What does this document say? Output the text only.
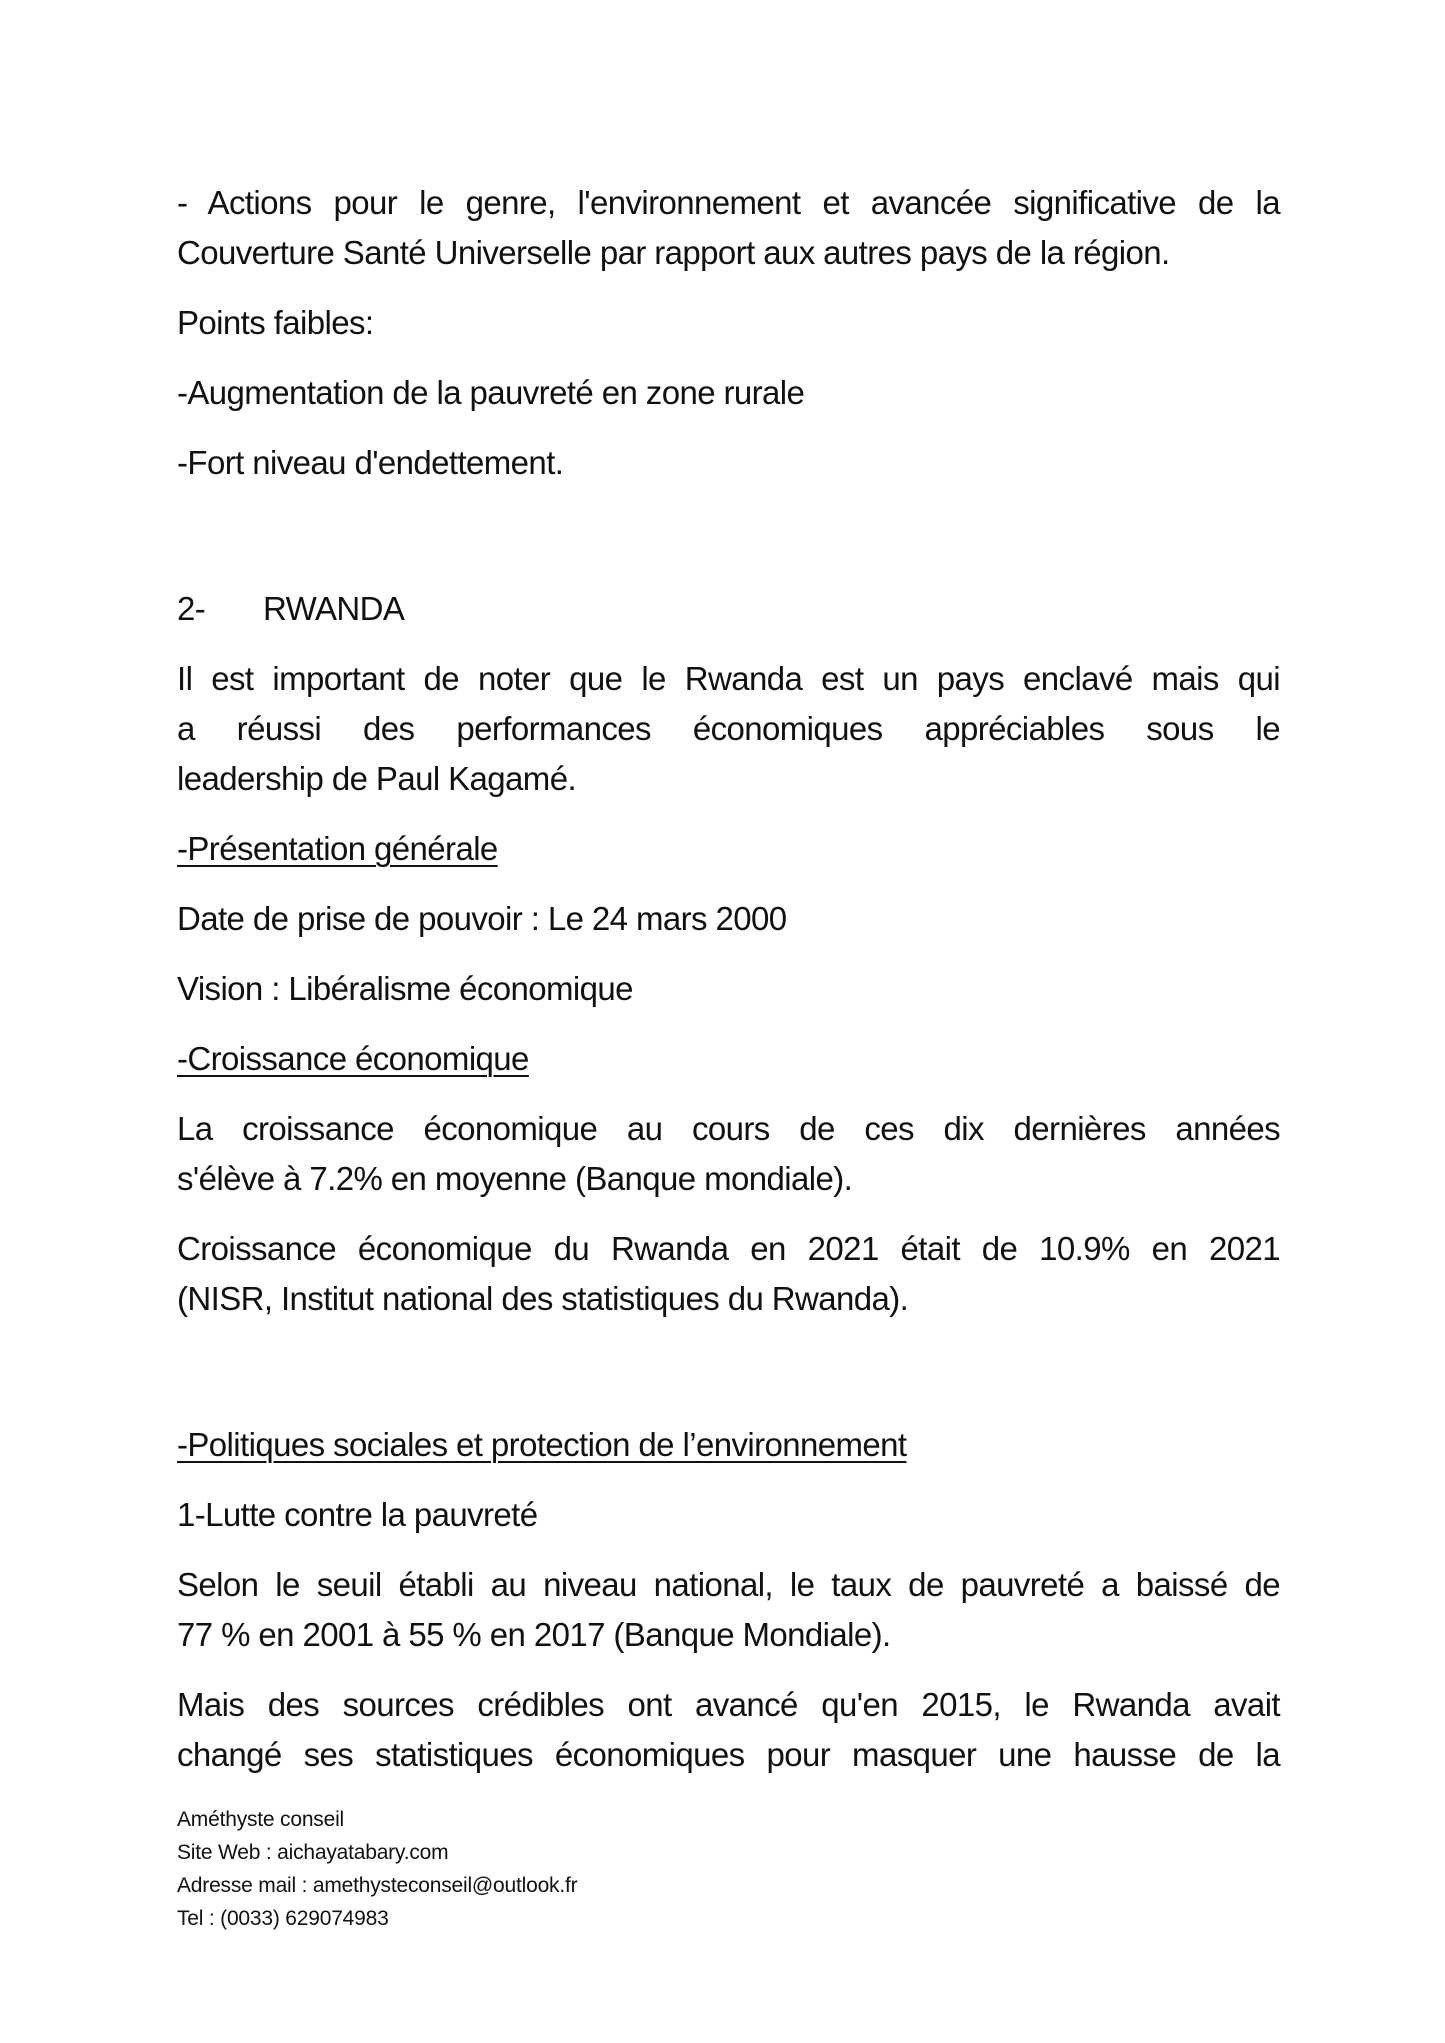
- Actions pour le genre, l'environnement et avancée significative de la
Couverture Santé Universelle par rapport aux autres pays de la région.
Points faibles:
-Augmentation de la pauvreté en zone rurale
-Fort niveau d'endettement.
2- RWANDA
Il est important de noter que le Rwanda est un pays enclavé mais qui
a réussi des performances économiques appréciables sous le
leadership de Paul Kagamé.
-Présentation générale
Date de prise de pouvoir : Le 24 mars 2000
Vision : Libéralisme économique
-Croissance économique
La croissance économique au cours de ces dix dernières années
s'élève à 7.2% en moyenne (Banque mondiale).
Croissance économique du Rwanda en 2021 était de 10.9% en 2021
(NISR, Institut national des statistiques du Rwanda).
-Politiques sociales et protection de l’environnement
1-Lutte contre la pauvreté
Selon le seuil établi au niveau national, le taux de pauvreté a baissé de
77 % en 2001 à 55 % en 2017 (Banque Mondiale).
Mais des sources crédibles ont avancé qu'en 2015, le Rwanda avait
changé ses statistiques économiques pour masquer une hausse de la
Améthyste conseil
Site Web : aichayatabary.com
Adresse mail : amethysteconseil@outlook.fr
Tel : (0033) 629074983
